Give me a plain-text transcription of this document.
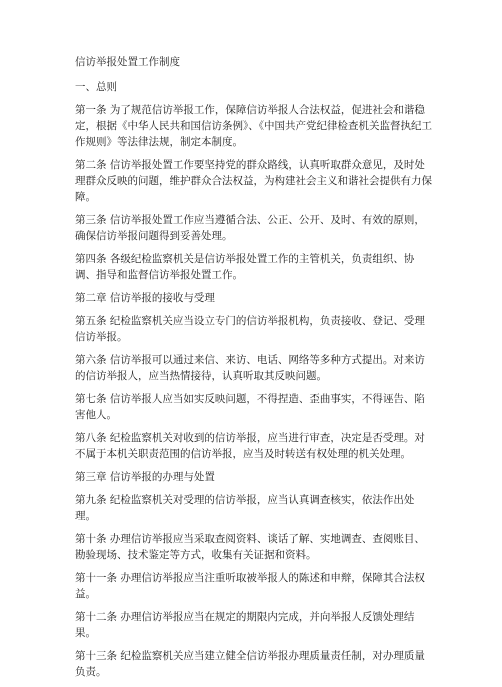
信访举报处置工作制度
一、总则
第一条 为了规范信访举报工作，保障信访举报人合法权益，促进社会和谐稳定，根据《中华人民共和国信访条例》、《中国共产党纪律检查机关监督执纪工作规则》等法律法规，制定本制度。
第二条 信访举报处置工作要坚持党的群众路线，认真听取群众意见，及时处理群众反映的问题，维护群众合法权益，为构建社会主义和谐社会提供有力保障。
第三条 信访举报处置工作应当遵循合法、公正、公开、及时、有效的原则，确保信访举报问题得到妥善处理。
第四条 各级纪检监察机关是信访举报处置工作的主管机关，负责组织、协调、指导和监督信访举报处置工作。
第二章 信访举报的接收与受理
第五条 纪检监察机关应当设立专门的信访举报机构，负责接收、登记、受理信访举报。
第六条 信访举报可以通过来信、来访、电话、网络等多种方式提出。对来访的信访举报人，应当热情接待，认真听取其反映问题。
第七条 信访举报人应当如实反映问题，不得捏造、歪曲事实，不得诬告、陷害他人。
第八条 纪检监察机关对收到的信访举报，应当进行审查，决定是否受理。对不属于本机关职责范围的信访举报，应当及时转送有权处理的机关处理。
第三章 信访举报的办理与处置
第九条 纪检监察机关对受理的信访举报，应当认真调查核实，依法作出处理。
第十条 办理信访举报应当采取查阅资料、谈话了解、实地调查、查阅账目、勘验现场、技术鉴定等方式，收集有关证据和资料。
第十一条 办理信访举报应当注重听取被举报人的陈述和申辩，保障其合法权益。
第十二条 办理信访举报应当在规定的期限内完成，并向举报人反馈处理结果。
第十三条 纪检监察机关应当建立健全信访举报办理质量责任制，对办理质量负责。
